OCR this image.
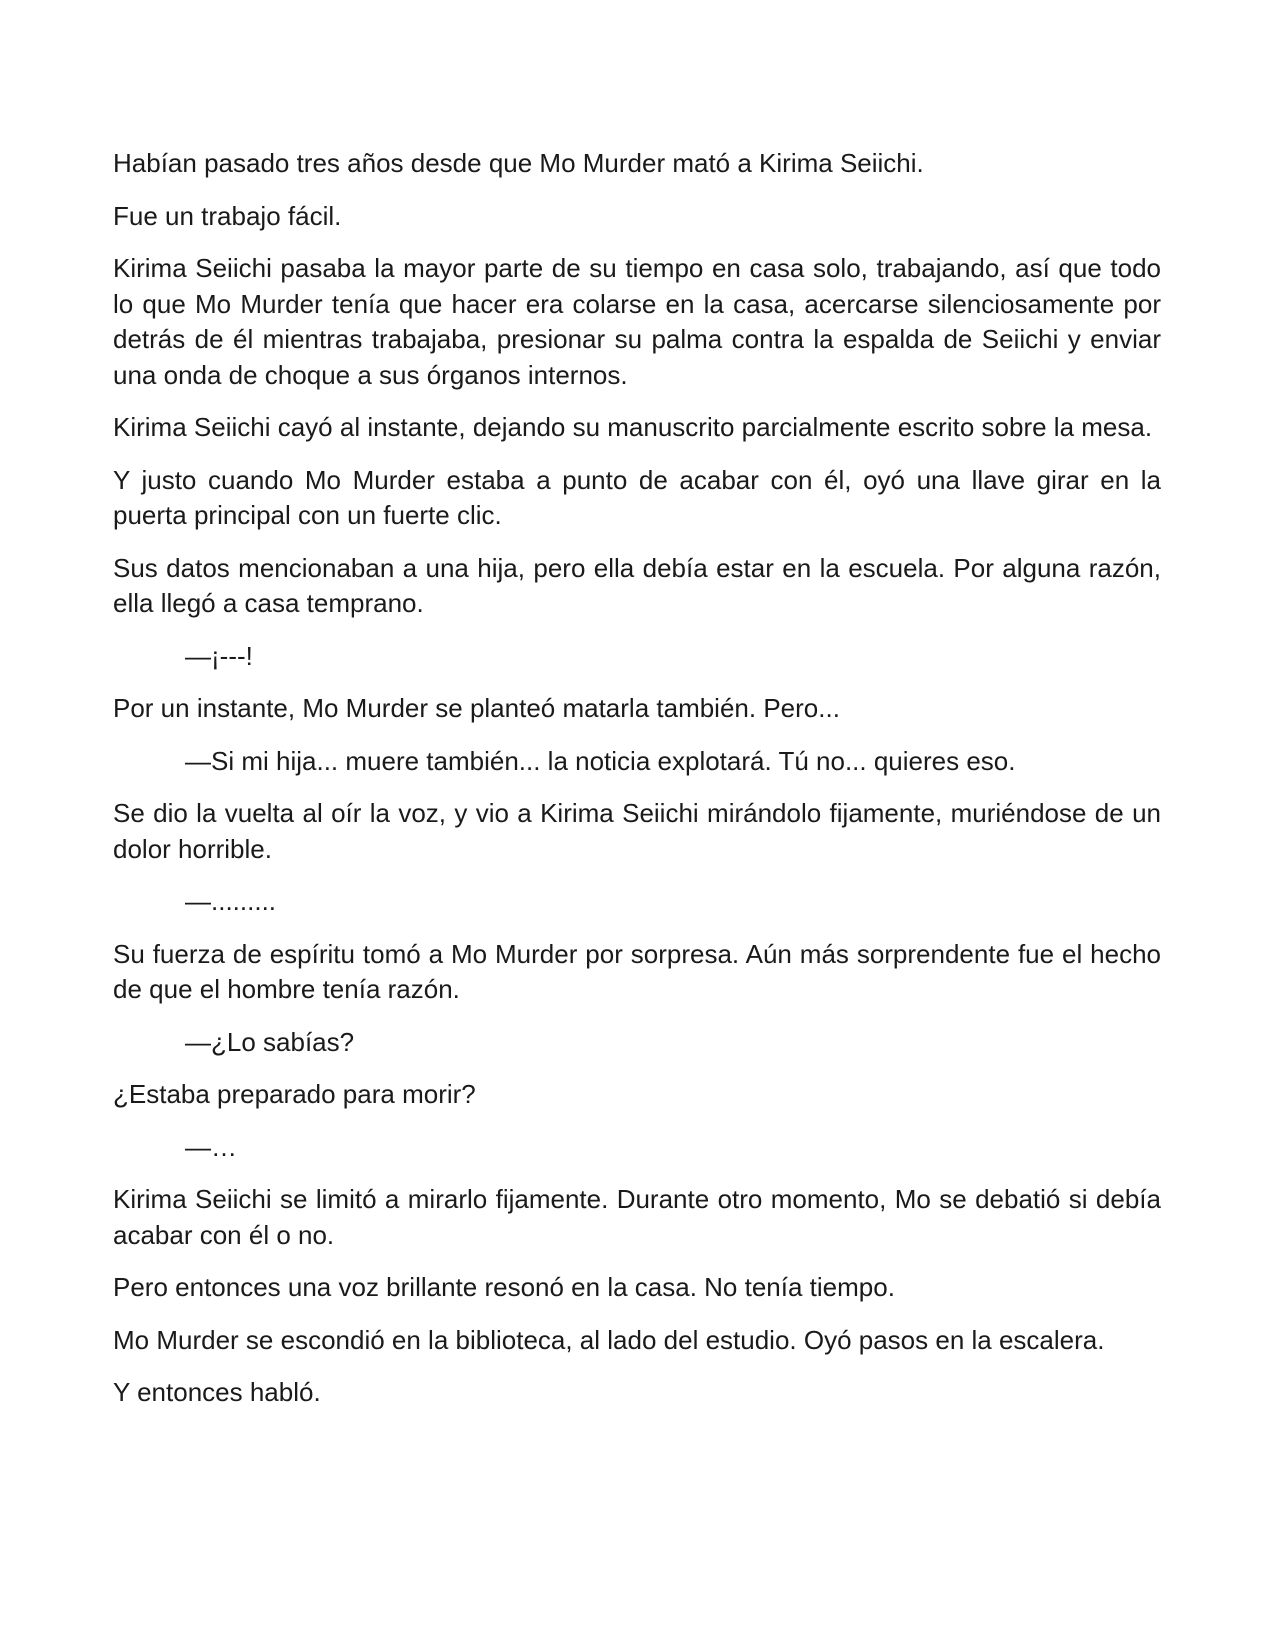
Habían pasado tres años desde que Mo Murder mató a Kirima Seiichi.

Fue un trabajo fácil.

Kirima Seiichi pasaba la mayor parte de su tiempo en casa solo, trabajando, así que todo lo que Mo Murder tenía que hacer era colarse en la casa, acercarse silenciosamente por detrás de él mientras trabajaba, presionar su palma contra la espalda de Seiichi y enviar una onda de choque a sus órganos internos.

Kirima Seiichi cayó al instante, dejando su manuscrito parcialmente escrito sobre la mesa.

Y justo cuando Mo Murder estaba a punto de acabar con él, oyó una llave girar en la puerta principal con un fuerte clic.

Sus datos mencionaban a una hija, pero ella debía estar en la escuela. Por alguna razón, ella llegó a casa temprano.

—¡---!

Por un instante, Mo Murder se planteó matarla también. Pero...

—Si mi hija... muere también... la noticia explotará. Tú no... quieres eso.

Se dio la vuelta al oír la voz, y vio a Kirima Seiichi mirándolo fijamente, muriéndose de un dolor horrible.

—.........

Su fuerza de espíritu tomó a Mo Murder por sorpresa. Aún más sorprendente fue el hecho de que el hombre tenía razón.

—¿Lo sabías?

¿Estaba preparado para morir?

—…

Kirima Seiichi se limitó a mirarlo fijamente. Durante otro momento, Mo se debatió si debía acabar con él o no.

Pero entonces una voz brillante resonó en la casa. No tenía tiempo.

Mo Murder se escondió en la biblioteca, al lado del estudio. Oyó pasos en la escalera.

Y entonces habló.
